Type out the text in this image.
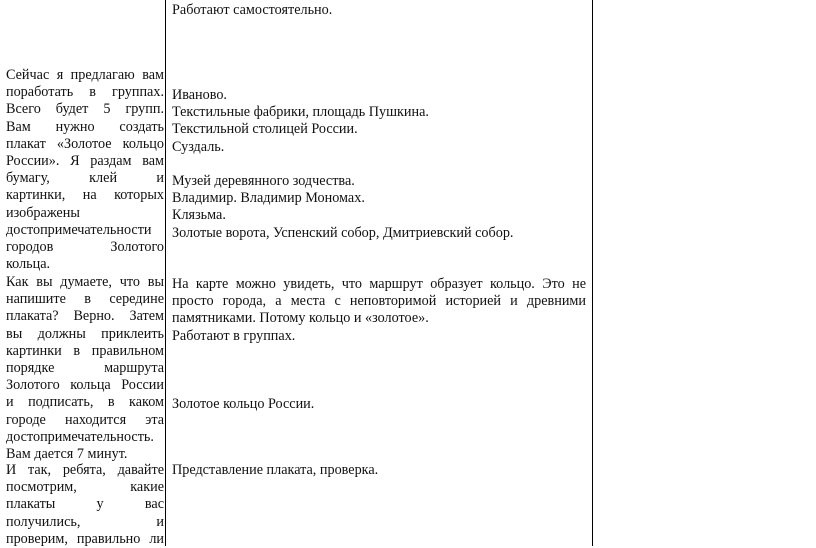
Сейчас я предлагаю вам

поработать в группах.

Всего будет 5 групп.

Вам нужно создать

плакат «Золотое кольцо

России». Я раздам вам

бумагу, клей и

картинки, на которых

изображены

достопримечательности

городов Золотого

кольца.

Как вы думаете, что вы

напишите в середине

плаката? Верно. Затем

вы должны приклеить

картинки в правильном

порядке маршрута

Золотого кольца России

и подписать, в каком

городе находится эта

достопримечательность.

Вам дается 7 минут.

И так, ребята, давайте

посмотрим, какие

плакаты у вас

получились, и

проверим, правильно ли

Работают самостоятельно.

Иваново.

Текстильные фабрики, площадь Пушкина.

Текстильной столицей России.

Суздаль.

Музей деревянного зодчества.

Владимир. Владимир Мономах.

Клязьма.

Золотые ворота, Успенский собор, Дмитриевский собор.

На карте можно увидеть, что маршрут образует кольцо. Это не

просто города, а места с неповторимой историей и древними

памятниками. Потому кольцо и «золотое».

Работают в группах.

Золотое кольцо России.

Представление плаката, проверка.
